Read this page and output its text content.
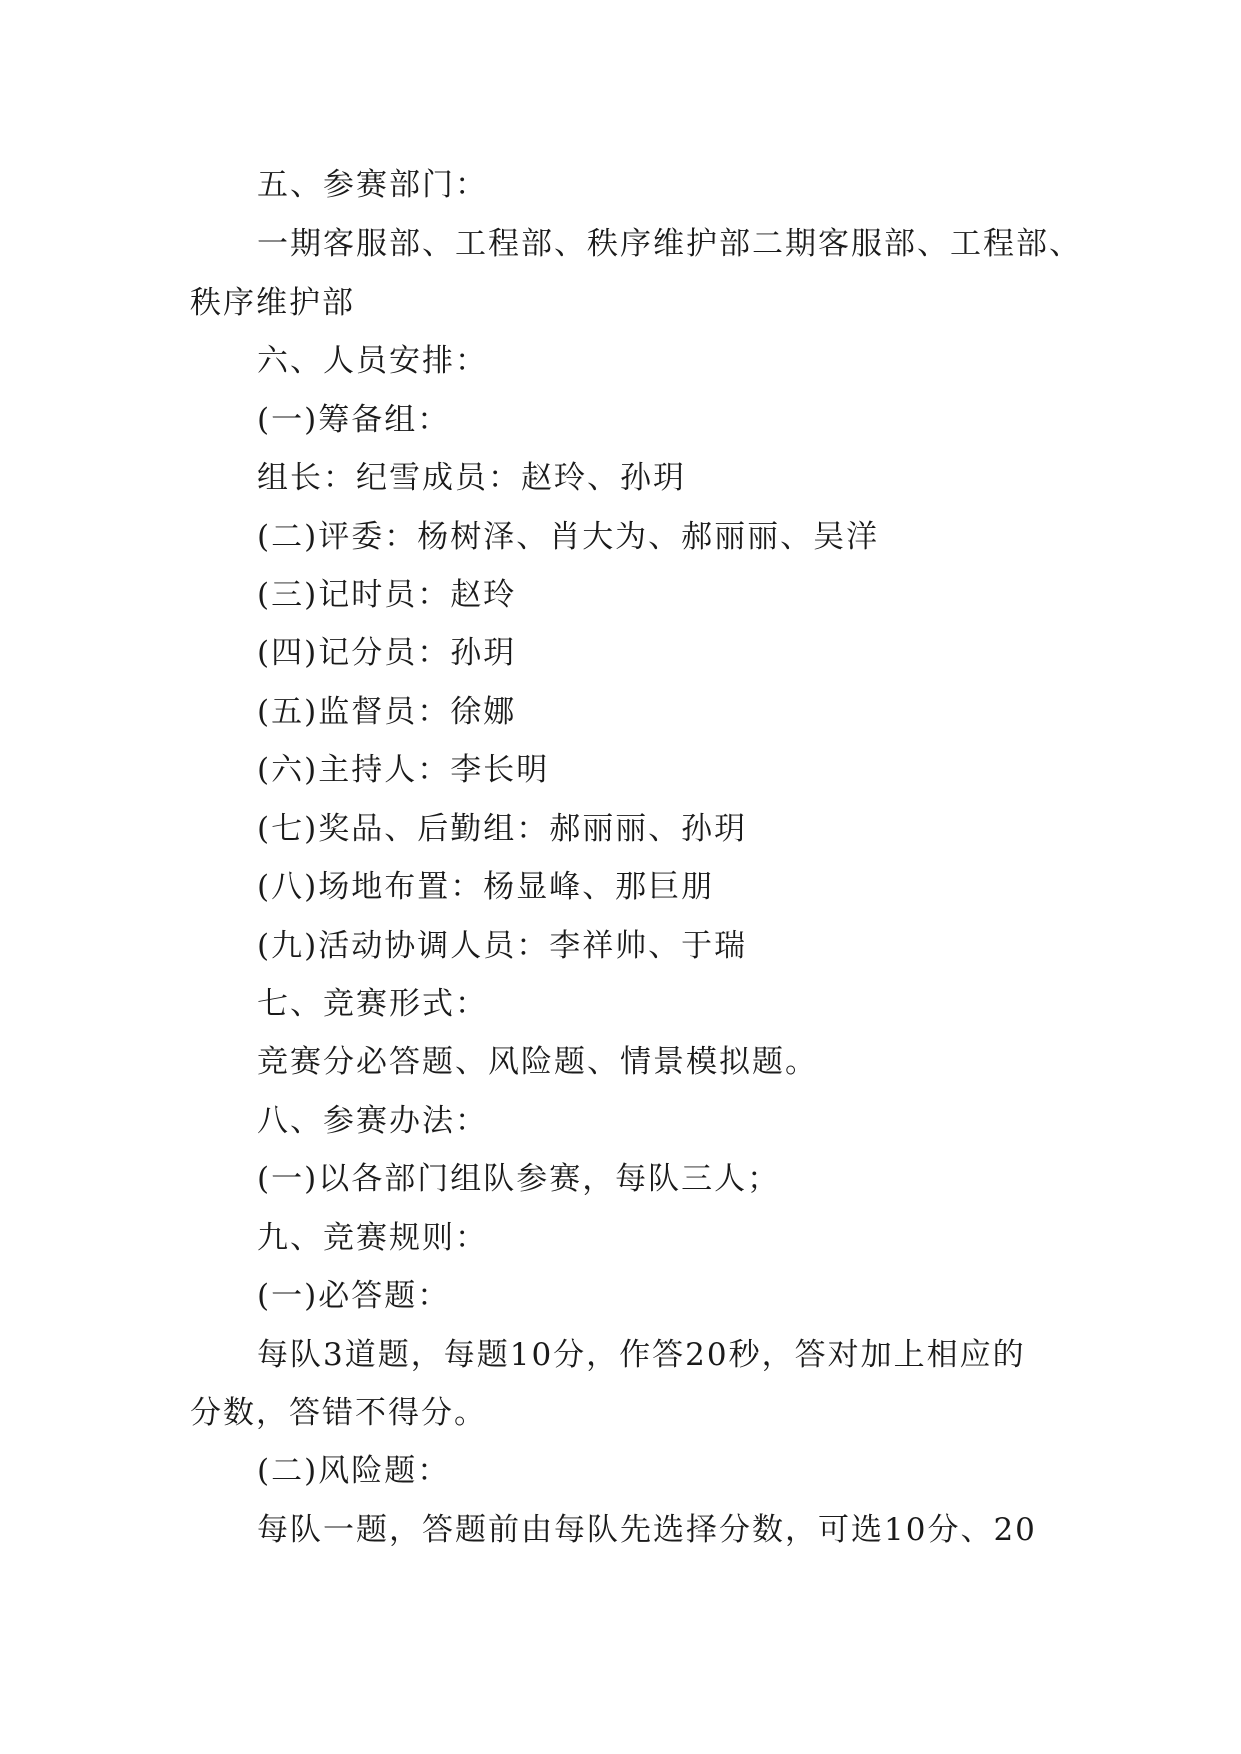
五、参赛部门：
一期客服部、工程部、秩序维护部二期客服部、工程部、
秩序维护部
六、人员安排：
(一)筹备组：
组长：纪雪成员：赵玲、孙玥
(二)评委：杨树泽、肖大为、郝丽丽、吴洋
(三)记时员：赵玲
(四)记分员：孙玥
(五)监督员：徐娜
(六)主持人：李长明
(七)奖品、后勤组：郝丽丽、孙玥
(八)场地布置：杨显峰、那巨朋
(九)活动协调人员：李祥帅、于瑞
七、竞赛形式：
竞赛分必答题、风险题、情景模拟题。
八、参赛办法：
(一)以各部门组队参赛，每队三人；
九、竞赛规则：
(一)必答题：
每队3道题，每题10分，作答20秒，答对加上相应的
分数，答错不得分。
(二)风险题：
每队一题，答题前由每队先选择分数，可选10分、20
